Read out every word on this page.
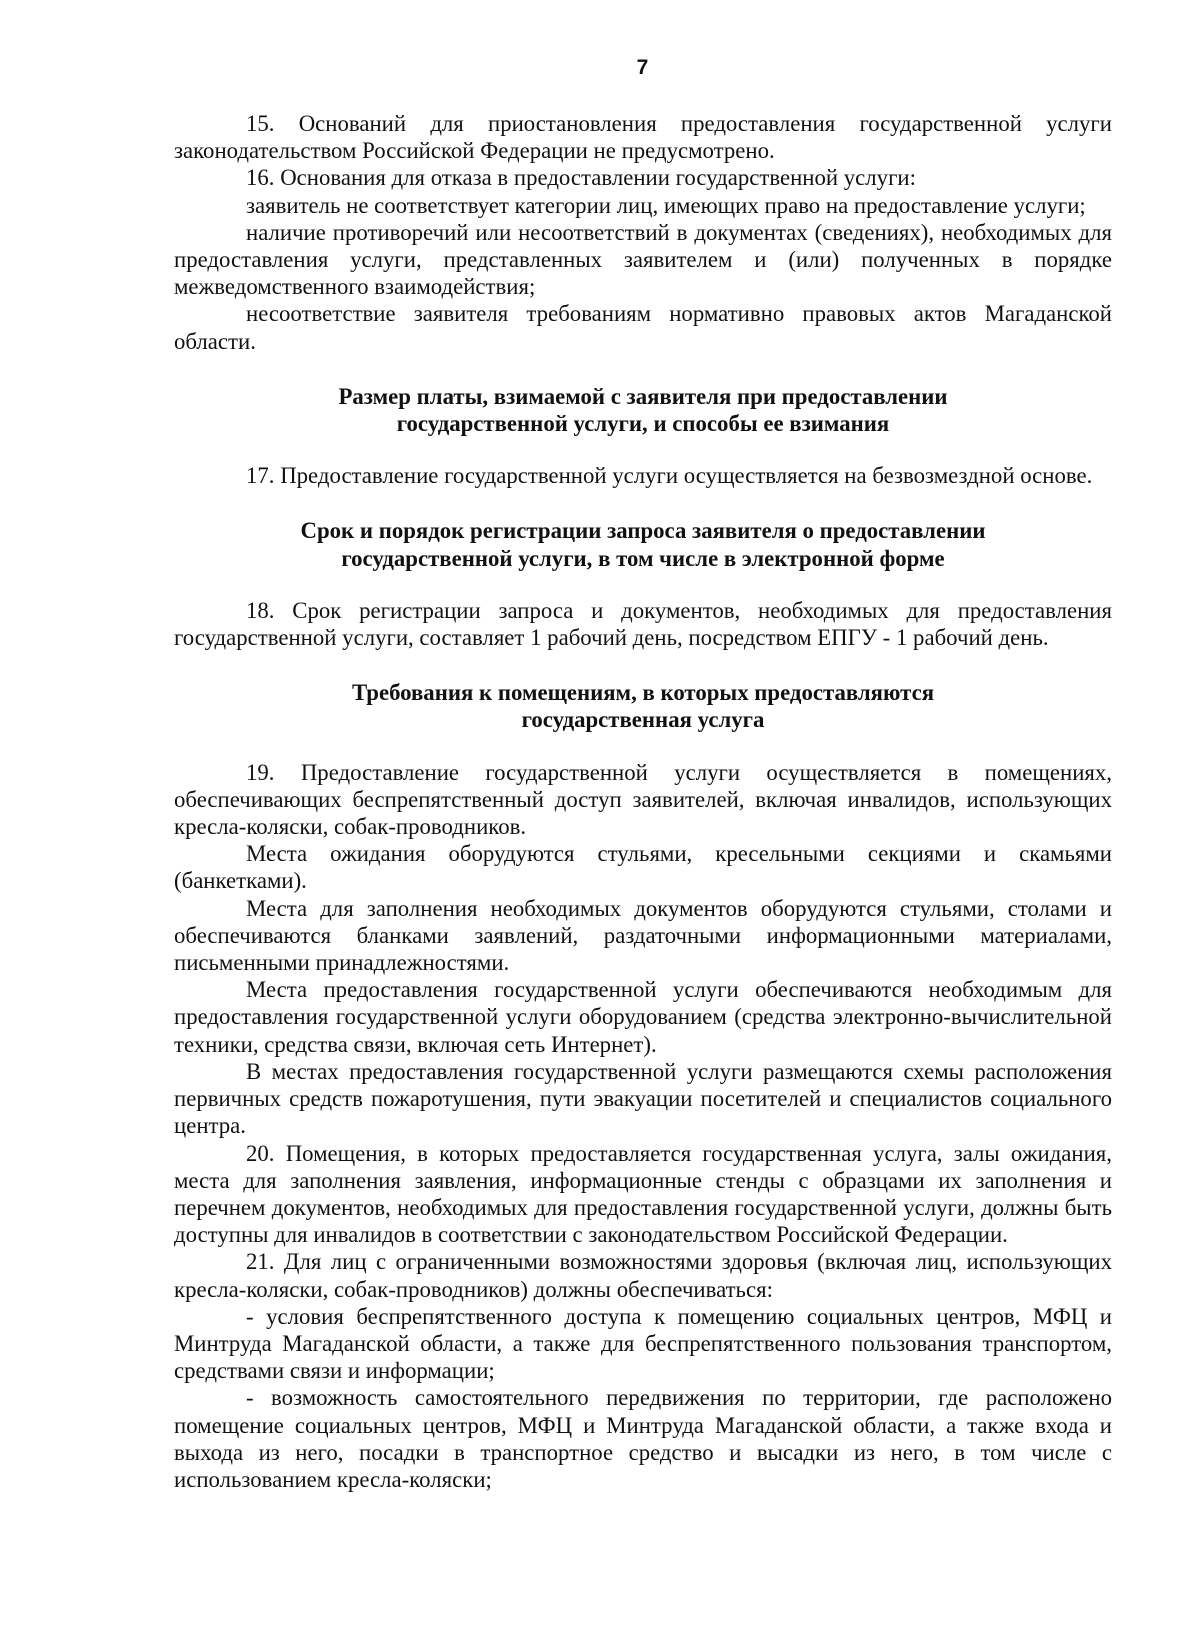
7

15. Оснований для приостановления предоставления государственной услуги законодательством Российской Федерации не предусмотрено.

16. Основания для отказа в предоставлении государственной услуги:

заявитель не соответствует категории лиц, имеющих право на предоставление услуги;

наличие противоречий или несоответствий в документах (сведениях), необходимых для предоставления услуги, представленных заявителем и (или) полученных в порядке межведомственного взаимодействия;

несоответствие заявителя требованиям нормативно правовых актов Магаданской области.

Размер платы, взимаемой с заявителя при предоставлении
государственной услуги, и способы ее взимания

17. Предоставление государственной услуги осуществляется на безвозмездной основе.

Срок и порядок регистрации запроса заявителя о предоставлении
государственной услуги, в том числе в электронной форме

18. Срок регистрации запроса и документов, необходимых для предоставления государственной услуги, составляет 1 рабочий день, посредством ЕПГУ - 1 рабочий день.

Требования к помещениям, в которых предоставляются
государственная услуга

19. Предоставление государственной услуги осуществляется в помещениях, обеспечивающих беспрепятственный доступ заявителей, включая инвалидов, использующих кресла-коляски, собак-проводников.

Места ожидания оборудуются стульями, кресельными секциями и скамьями (банкетками).

Места для заполнения необходимых документов оборудуются стульями, столами и обеспечиваются бланками заявлений, раздаточными информационными материалами, письменными принадлежностями.

Места предоставления государственной услуги обеспечиваются необходимым для предоставления государственной услуги оборудованием (средства электронно-вычислительной техники, средства связи, включая сеть Интернет).

В местах предоставления государственной услуги размещаются схемы расположения первичных средств пожаротушения, пути эвакуации посетителей и специалистов социального центра.

20. Помещения, в которых предоставляется государственная услуга, залы ожидания, места для заполнения заявления, информационные стенды с образцами их заполнения и перечнем документов, необходимых для предоставления государственной услуги, должны быть доступны для инвалидов в соответствии с законодательством Российской Федерации.

21. Для лиц с ограниченными возможностями здоровья (включая лиц, использующих кресла-коляски, собак-проводников) должны обеспечиваться:

- условия беспрепятственного доступа к помещению социальных центров, МФЦ и Минтруда Магаданской области, а также для беспрепятственного пользования транспортом, средствами связи и информации;

- возможность самостоятельного передвижения по территории, где расположено помещение социальных центров, МФЦ и Минтруда Магаданской области, а также входа и выхода из него, посадки в транспортное средство и высадки из него, в том числе с использованием кресла-коляски;
